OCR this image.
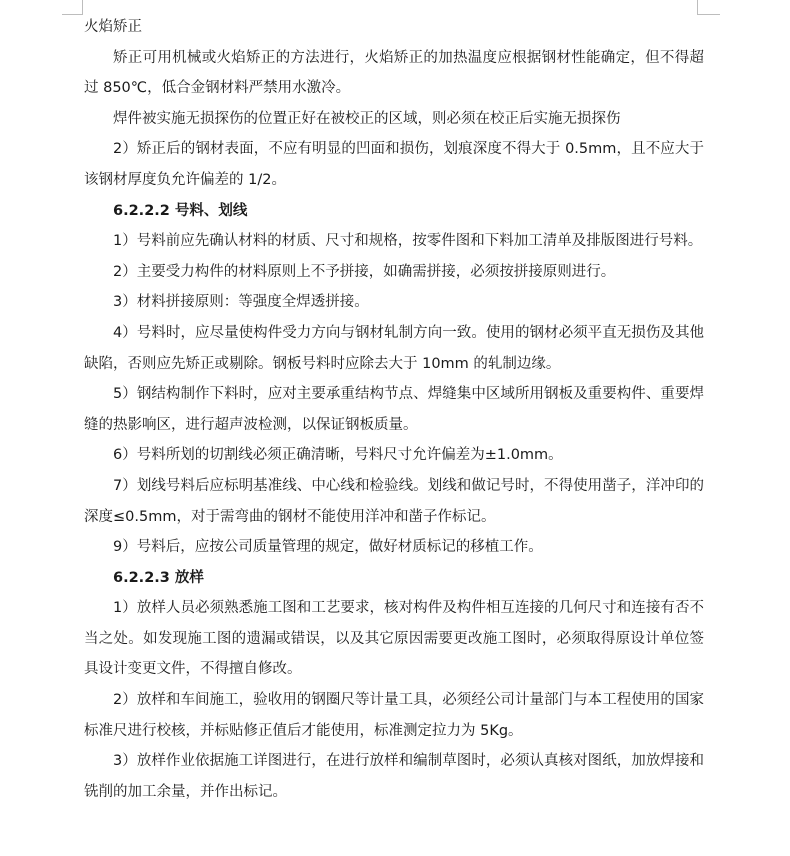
火焰矫正

矫正可用机械或火焰矫正的方法进行，火焰矫正的加热温度应根据钢材性能确定，但不得超过 850℃，低合金钢材料严禁用水激冷。

焊件被实施无损探伤的位置正好在被校正的区域，则必须在校正后实施无损探伤

2）矫正后的钢材表面，不应有明显的凹面和损伤，划痕深度不得大于 0.5mm，且不应大于该钢材厚度负允许偏差的 1/2。

6.2.2.2 号料、划线

1）号料前应先确认材料的材质、尺寸和规格，按零件图和下料加工清单及排版图进行号料。

2）主要受力构件的材料原则上不予拼接，如确需拼接，必须按拼接原则进行。

3）材料拼接原则：等强度全焊透拼接。

4）号料时，应尽量使构件受力方向与钢材轧制方向一致。使用的钢材必须平直无损伤及其他缺陷，否则应先矫正或剔除。钢板号料时应除去大于 10mm 的轧制边缘。

5）钢结构制作下料时，应对主要承重结构节点、焊缝集中区域所用钢板及重要构件、重要焊缝的热影响区，进行超声波检测，以保证钢板质量。

6）号料所划的切割线必须正确清晰，号料尺寸允许偏差为±1.0mm。

7）划线号料后应标明基准线、中心线和检验线。划线和做记号时，不得使用凿子，洋冲印的深度≤0.5mm，对于需弯曲的钢材不能使用洋冲和凿子作标记。

9）号料后，应按公司质量管理的规定，做好材质标记的移植工作。

6.2.2.3 放样

1）放样人员必须熟悉施工图和工艺要求，核对构件及构件相互连接的几何尺寸和连接有否不当之处。如发现施工图的遗漏或错误，以及其它原因需要更改施工图时，必须取得原设计单位签具设计变更文件，不得擅自修改。

2）放样和车间施工，验收用的钢圈尺等计量工具，必须经公司计量部门与本工程使用的国家标准尺进行校核，并标贴修正值后才能使用，标准测定拉力为 5Kg。

3）放样作业依据施工详图进行，在进行放样和编制草图时，必须认真核对图纸，加放焊接和铣削的加工余量，并作出标记。
